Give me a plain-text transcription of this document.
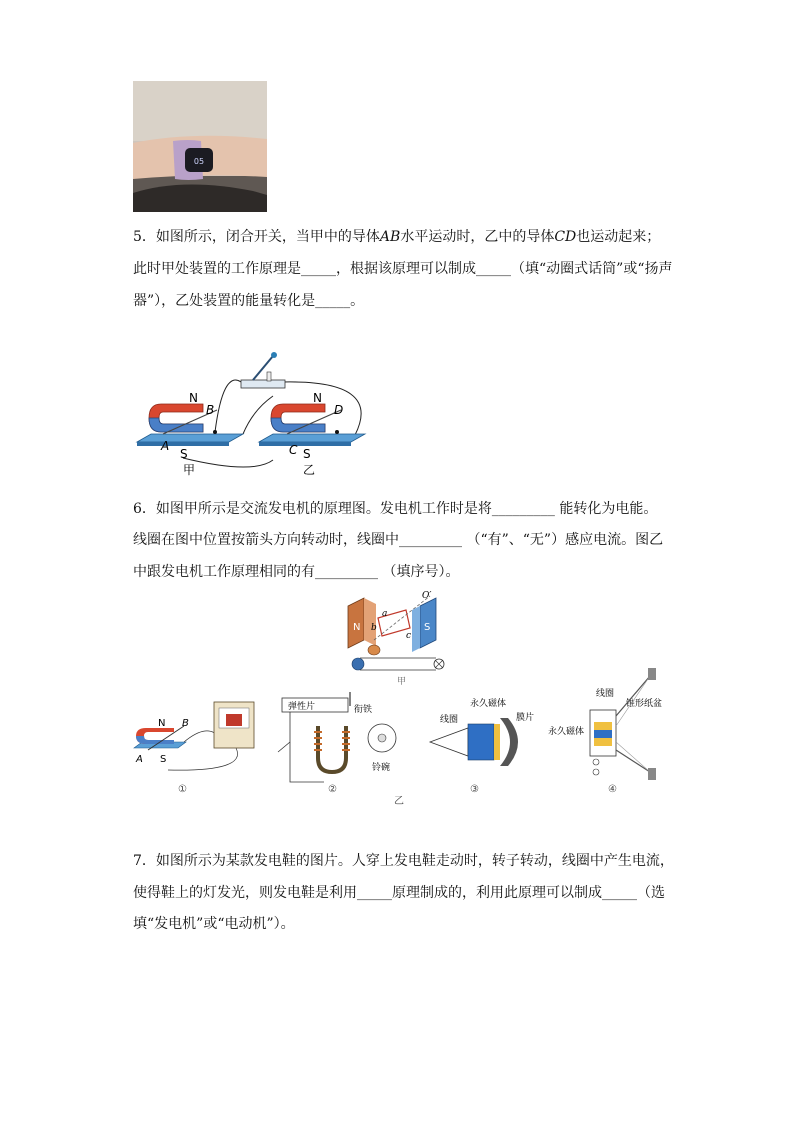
05
5．如图所示，闭合开关，当甲中的导体AB水平运动时，乙中的导体CD也运动起来；
此时甲处装置的工作原理是_____，根据该原理可以制成_____（填“动圈式话筒”或“扬声
器”），乙处装置的能量转化是_____。
N
B
A
S
甲
N
D
C S
乙
6．如图甲所示是交流发电机的原理图。发电机工作时是将_________ 能转化为电能。
线圈在图中位置按箭头方向转动时，线圈中_________ （“有”、“无”）感应电流。图乙
中跟发电机工作原理相同的有_________ （填序号）。
N	S
a
b
c
O′
甲
N B
A S
①
弹性片	衔铁
铃碗
②
永久磁体
线圈	膜片
③
线圈
锥形纸盆
永久磁体
④
乙
7．如图所示为某款发电鞋的图片。人穿上发电鞋走动时，转子转动，线圈中产生电流，
使得鞋上的灯发光，则发电鞋是利用_____原理制成的，利用此原理可以制成_____（选
填“发电机”或“电动机”）。
